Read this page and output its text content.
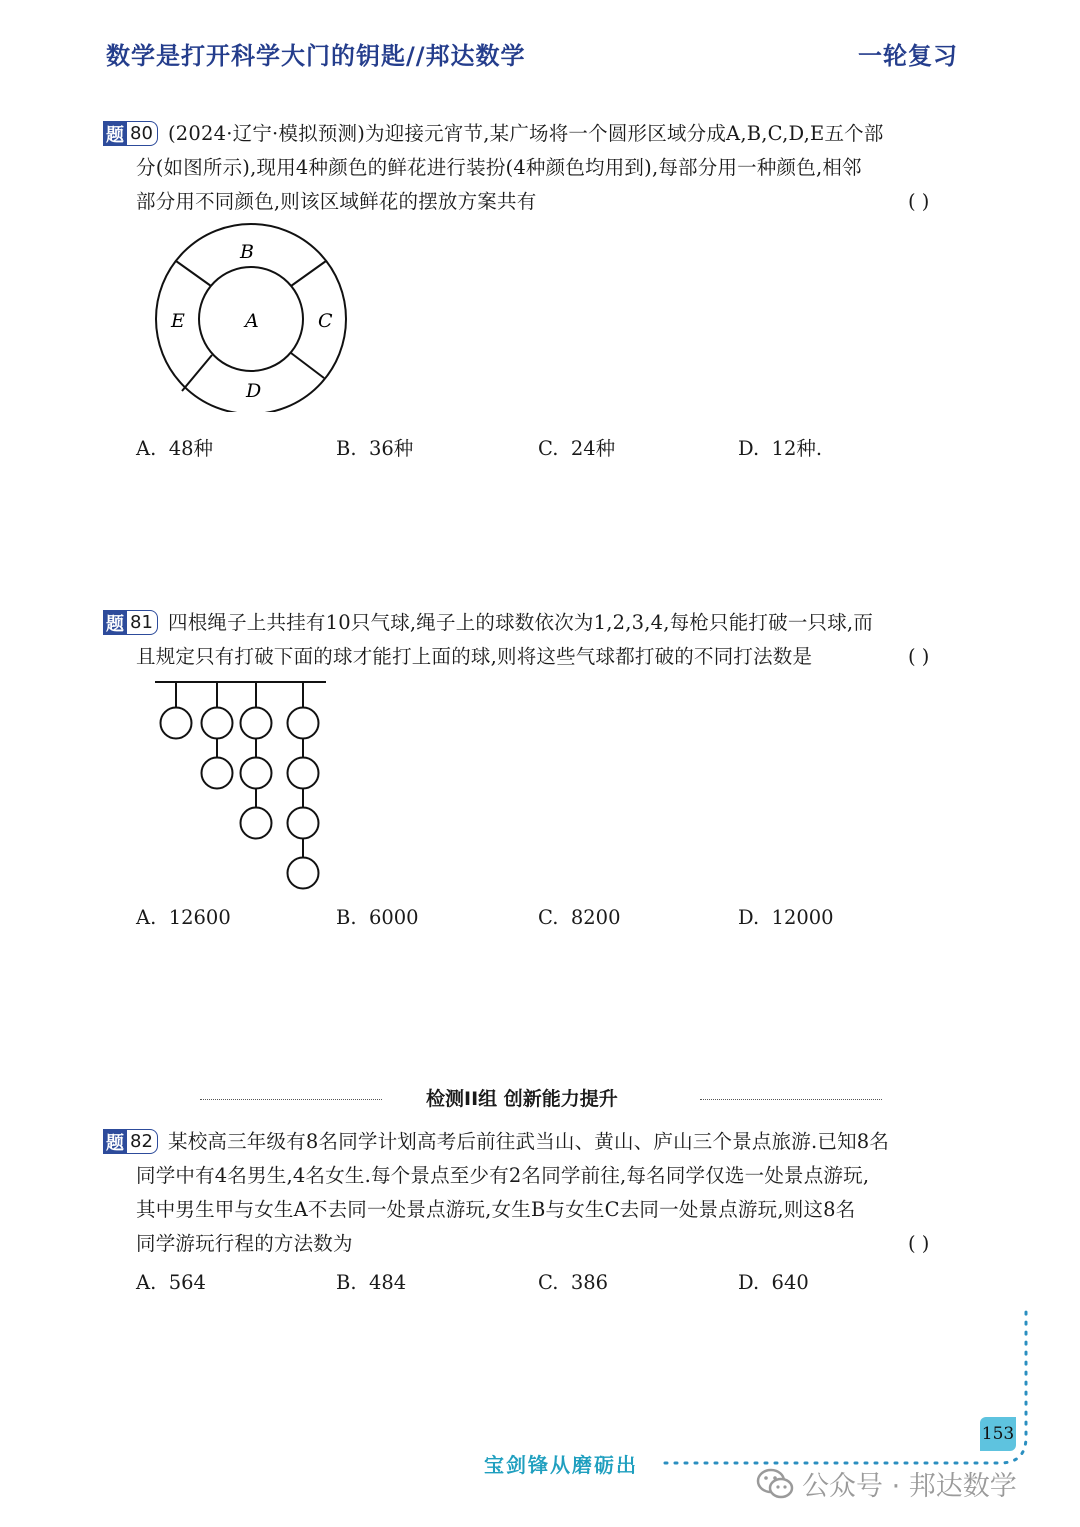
数学是打开科学大门的钥匙//邦达数学	一轮复习
题 80 (2024·辽宁·模拟预测)为迎接元宵节,某广场将一个圆形区域分成A,B,C,D,E五个部
分(如图所示),现用4种颜色的鲜花进行装扮(4种颜色均用到),每部分用一种颜色,相邻
部分用不同颜色,则该区域鲜花的摆放方案共有	( )
B
A
E	C
D
A. 48种	B. 36种	C. 24种	D. 12种.
题 81 四根绳子上共挂有10只气球,绳子上的球数依次为1,2,3,4,每枪只能打破一只球,而
且规定只有打破下面的球才能打上面的球,则将这些气球都打破的不同打法数是	( )
A. 12600	B. 6000	C. 8200	D. 12000
检测II组 创新能力提升
题 82 某校高三年级有8名同学计划高考后前往武当山、黄山、庐山三个景点旅游.已知8名
同学中有4名男生,4名女生.每个景点至少有2名同学前往,每名同学仅选一处景点游玩,
其中男生甲与女生A不去同一处景点游玩,女生B与女生C去同一处景点游玩,则这8名
同学游玩行程的方法数为	( )
A. 564	B. 484	C. 386	D. 640
153
宝剑锋从磨砺出
公众号 · 邦达数学
